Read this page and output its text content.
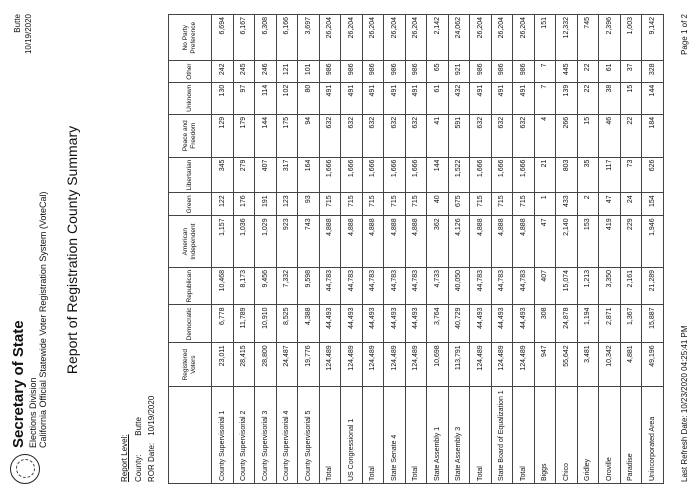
Secretary of State Elections Division California Official Statewide Voter Registration System (VoteCal)
Butte 10/19/2020
Report of Registration County Summary
Report Level: County: Butte
ROR Date: 10/19/2020
	Registered Voters	Democratic	Republican	American Independent	Green	Libertarian	Peace and Freedom	Unknown	Other	No Party Preference
County Supervisorial 1	23,011	6,778	10,468	1,157	122	345	129	130	242	6,694
County Supervisorial 2	28,415	11,789	8,173	1,036	176	279	179	97	245	6,167
County Supervisorial 3	28,800	10,910	9,456	1,029	191	407	144	114	246	6,308
County Supervisorial 4	24,487	8,525	7,332	923	123	317	175	102	121	6,166
County Supervisorial 5	19,776	4,388	9,598	743	93	164	94	80	101	3,697
Total	124,489	44,493	44,783	4,888	715	1,666	632	491	986	26,204
US Congressional 1	124,489	44,493	44,783	4,888	715	1,666	632	491	986	26,204
Total	124,489	44,493	44,783	4,888	715	1,666	632	491	986	26,204
State Senate 4	124,489	44,493	44,783	4,888	715	1,666	632	491	986	26,204
Total	124,489	44,493	44,783	4,888	715	1,666	632	491	986	26,204
State Assembly 1	10,698	3,764	4,733	362	40	144	41	61	65	2,142
State Assembly 3	113,791	40,729	40,050	4,126	675	1,522	591	432	921	24,062
Total	124,489	44,493	44,783	4,888	715	1,666	632	491	986	26,204
State Board of Equalization 1	124,489	44,493	44,783	4,888	715	1,666	632	491	986	26,204
Total	124,489	44,493	44,783	4,888	715	1,666	632	491	986	26,204
Biggs	947	308	407	47	1	21	4	7	7	151
Chico	55,642	24,878	15,074	2,140	433	803	266	139	445	12,332
Gridley	3,481	1,194	1,213	153	2	35	15	22	22	745
Oroville	10,342	2,871	3,350	419	47	117	46	38	61	2,396
Paradise	4,881	1,367	2,161	229	24	73	22	15	37	1,003
Unincorporated Area	49,196	15,887	21,289	1,946	154	626	184	144	328	9,142
Last Refresh Date: 10/23/2020 04:25:41 PM
Page 1 of 2
